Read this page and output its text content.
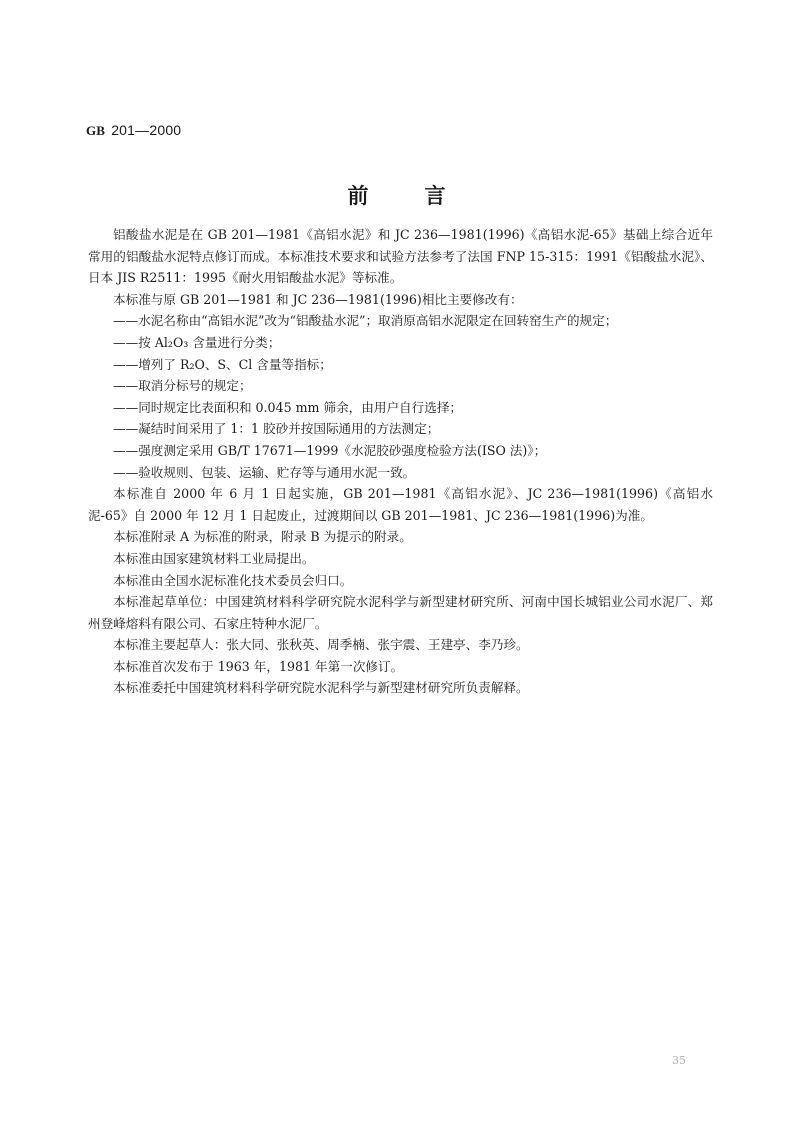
GB 201—2000
前言

铝酸盐水泥是在 GB 201—1981《高铝水泥》和 JC 236—1981(1996)《高铝水泥-65》基础上综合近年常用的铝酸盐水泥特点修订而成。本标准技术要求和试验方法参考了法国 FNP 15-315：1991《铝酸盐水泥》、日本 JIS R2511：1995《耐火用铝酸盐水泥》等标准。

本标准与原 GB 201—1981 和 JC 236—1981(1996)相比主要修改有：

——水泥名称由“高铝水泥”改为“铝酸盐水泥”；取消原高铝水泥限定在回转窑生产的规定；

——按 Al₂O₃ 含量进行分类；

——增列了 R₂O、S、Cl 含量等指标；

——取消分标号的规定；

——同时规定比表面积和 0.045 mm 筛余，由用户自行选择；

——凝结时间采用了 1：1 胶砂并按国际通用的方法测定；

——强度测定采用 GB/T 17671—1999《水泥胶砂强度检验方法(ISO 法)》；

——验收规则、包装、运输、贮存等与通用水泥一致。

本标准自 2000 年 6 月 1 日起实施，GB 201—1981《高铝水泥》、JC 236—1981(1996)《高铝水泥-65》自 2000 年 12 月 1 日起废止，过渡期间以 GB 201—1981、JC 236—1981(1996)为准。

本标准附录 A 为标准的附录，附录 B 为提示的附录。

本标准由国家建筑材料工业局提出。

本标准由全国水泥标准化技术委员会归口。

本标准起草单位：中国建筑材料科学研究院水泥科学与新型建材研究所、河南中国长城铝业公司水泥厂、郑州登峰熔料有限公司、石家庄特种水泥厂。

本标准主要起草人：张大同、张秋英、周季楠、张宇震、王建亭、李乃珍。

本标准首次发布于 1963 年，1981 年第一次修订。

本标准委托中国建筑材料科学研究院水泥科学与新型建材研究所负责解释。

35
